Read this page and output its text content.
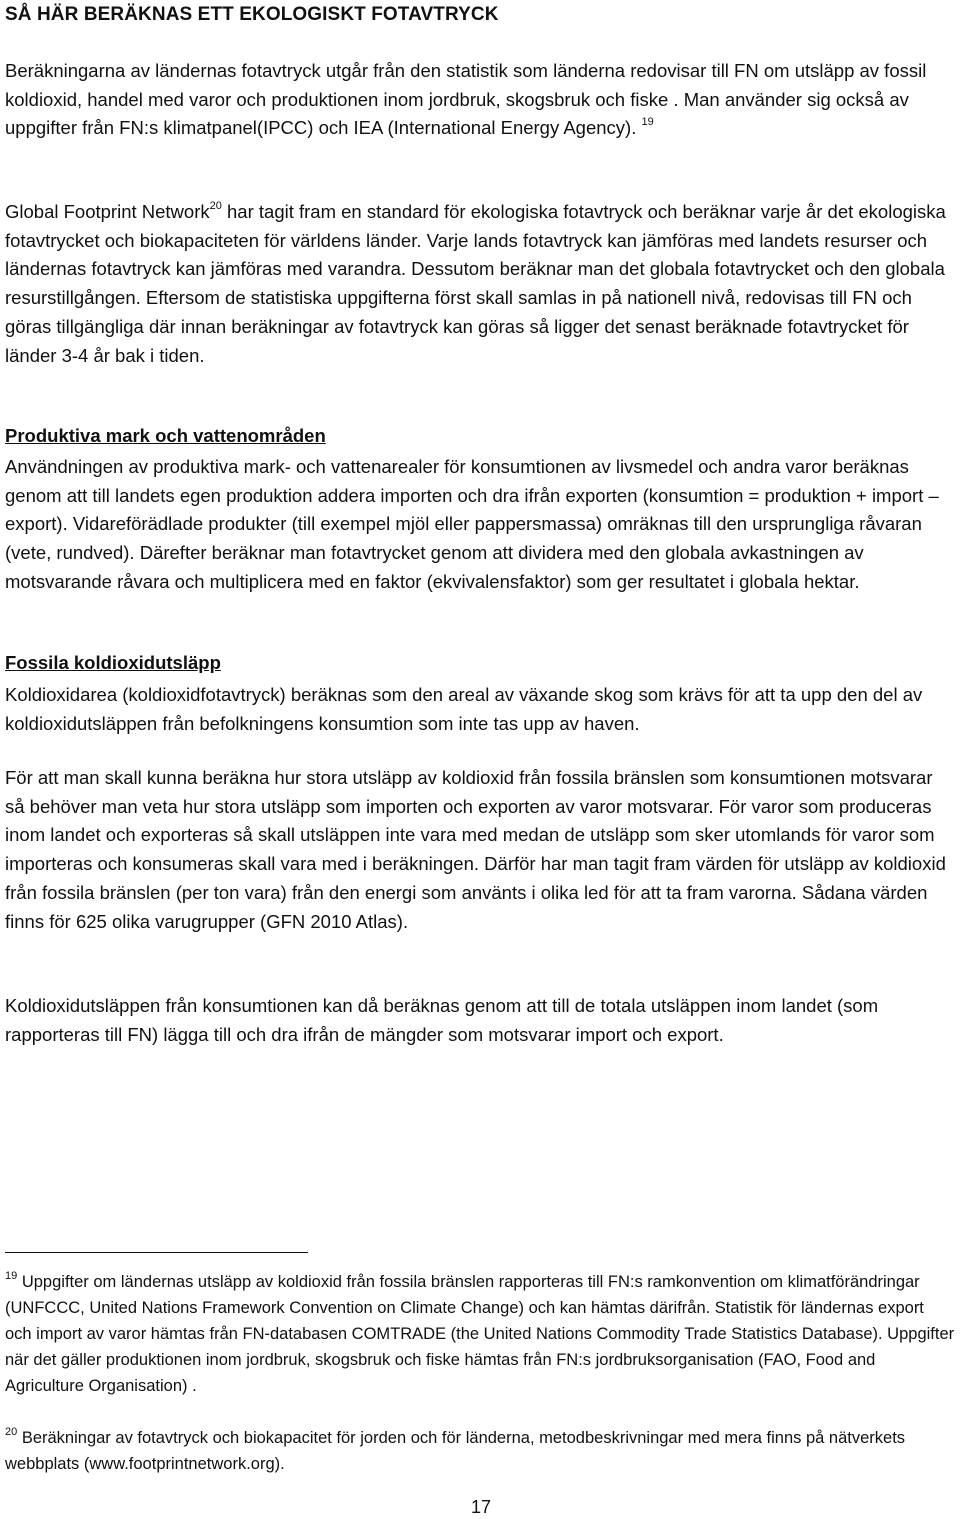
SÅ HÄR BERÄKNAS ETT EKOLOGISKT FOTAVTRYCK

Beräkningarna av ländernas fotavtryck utgår från den statistik som länderna redovisar till FN om utsläpp av fossil koldioxid, handel med varor och produktionen inom jordbruk, skogsbruk och fiske . Man använder sig också av uppgifter från FN:s klimatpanel(IPCC) och IEA (International Energy Agency). $^{19}$

Global Footprint Network$^{20}$ har tagit fram en standard för ekologiska fotavtryck och beräknar varje år det ekologiska fotavtrycket och biokapaciteten för världens länder. Varje lands fotavtryck kan jämföras med landets resurser och ländernas fotavtryck kan jämföras med varandra. Dessutom beräknar man det globala fotavtrycket och den globala resurstillgången. Eftersom de statistiska uppgifterna först skall samlas in på nationell nivå, redovisas till FN och göras tillgängliga där innan beräkningar av fotavtryck kan göras så ligger det senast beräknade fotavtrycket för länder 3-4 år bak i tiden.

Produktiva mark och vattenområden

Användningen av produktiva mark- och vattenarealer för konsumtionen av livsmedel och andra varor beräknas genom att till landets egen produktion addera importen och dra ifrån exporten (konsumtion = produktion + import – export). Vidareförädlade produkter (till exempel mjöl eller pappersmassa) omräknas till den ursprungliga råvaran (vete, rundved). Därefter beräknar man fotavtrycket genom att dividera med den globala avkastningen av motsvarande råvara och multiplicera med en faktor (ekvivalensfaktor) som ger resultatet i globala hektar.

Fossila koldioxidutsläpp

Koldioxidarea (koldioxidfotavtryck) beräknas som den areal av växande skog som krävs för att ta upp den del av koldioxidutsläppen från befolkningens konsumtion som inte tas upp av haven.

För att man skall kunna beräkna hur stora utsläpp av koldioxid från fossila bränslen som konsumtionen motsvarar så behöver man veta hur stora utsläpp som importen och exporten av varor motsvarar. För varor som produceras inom landet och exporteras så skall utsläppen inte vara med medan de utsläpp som sker utomlands för varor som importeras och konsumeras skall vara med i beräkningen. Därför har man tagit fram värden för utsläpp av koldioxid från fossila bränslen (per ton vara) från den energi som använts i olika led för att ta fram varorna. Sådana värden finns för 625 olika varugrupper (GFN 2010 Atlas).

Koldioxidutsläppen från konsumtionen kan då beräknas genom att till de totala utsläppen inom landet (som rapporteras till FN) lägga till och dra ifrån de mängder som motsvarar import och export.

$^{19}$ Uppgifter om ländernas utsläpp av koldioxid från fossila bränslen rapporteras till FN:s ramkonvention om klimatförändringar (UNFCCC, United Nations Framework Convention on Climate Change) och kan hämtas därifrån. Statistik för ländernas export och import av varor hämtas från FN-databasen COMTRADE (the United Nations Commodity Trade Statistics Database). Uppgifter när det gäller produktionen inom jordbruk, skogsbruk och fiske hämtas från FN:s jordbruksorganisation (FAO, Food and Agriculture Organisation) .

$^{20}$ Beräkningar av fotavtryck och biokapacitet för jorden och för länderna, metodbeskrivningar med mera finns på nätverkets webbplats (www.footprintnetwork.org).

17
